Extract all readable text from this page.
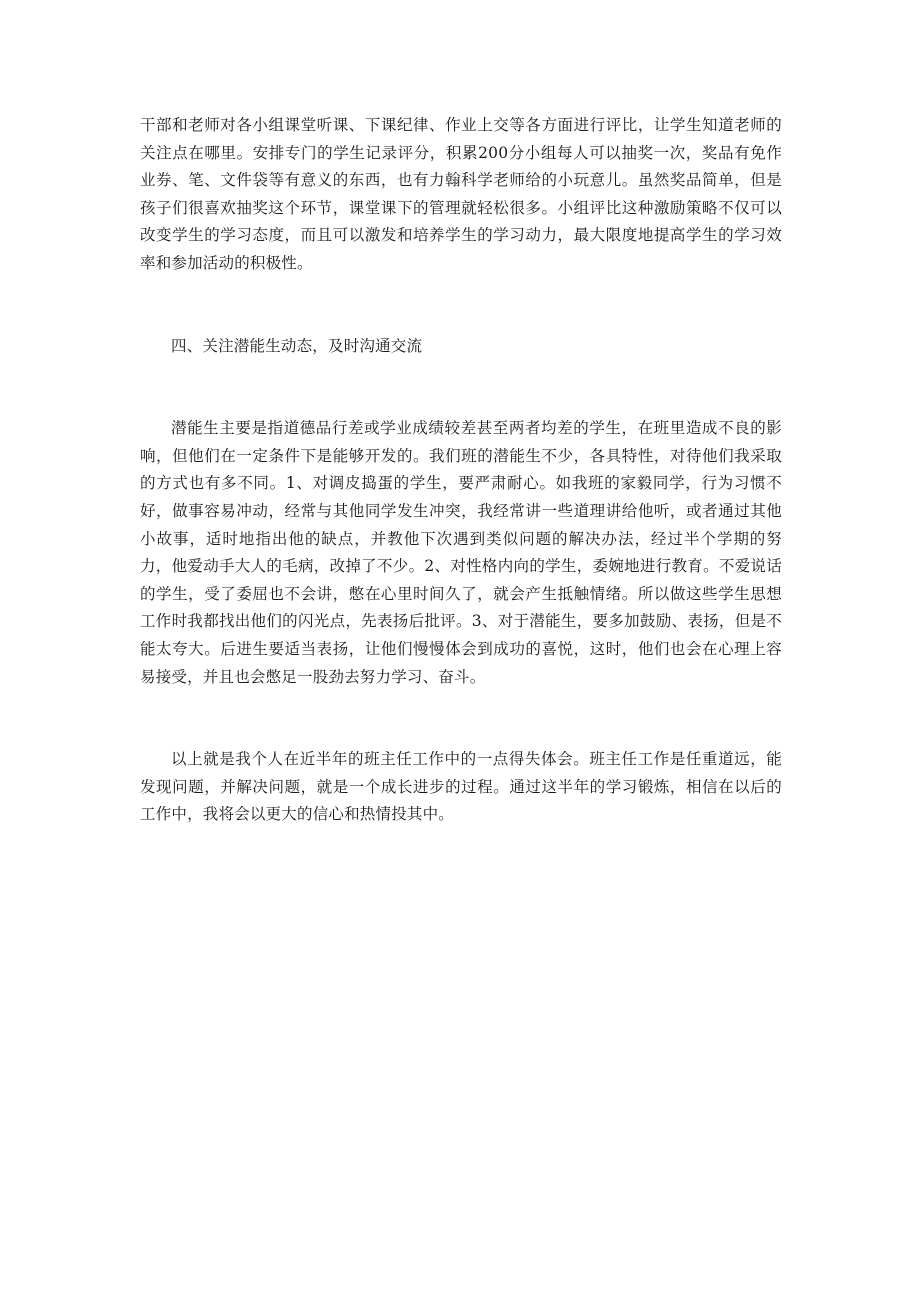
干部和老师对各小组课堂听课、下课纪律、作业上交等各方面进行评比，让学生知道老师的关注点在哪里。安排专门的学生记录评分，积累200分小组每人可以抽奖一次，奖品有免作业券、笔、文件袋等有意义的东西，也有力翰科学老师给的小玩意儿。虽然奖品简单，但是孩子们很喜欢抽奖这个环节，课堂课下的管理就轻松很多。小组评比这种激励策略不仅可以改变学生的学习态度，而且可以激发和培养学生的学习动力，最大限度地提高学生的学习效率和参加活动的积极性。

四、关注潜能生动态，及时沟通交流

潜能生主要是指道德品行差或学业成绩较差甚至两者均差的学生，在班里造成不良的影响，但他们在一定条件下是能够开发的。我们班的潜能生不少，各具特性，对待他们我采取的方式也有多不同。1、对调皮捣蛋的学生，要严肃耐心。如我班的家毅同学，行为习惯不好，做事容易冲动，经常与其他同学发生冲突，我经常讲一些道理讲给他听，或者通过其他小故事，适时地指出他的缺点，并教他下次遇到类似问题的解决办法，经过半个学期的努力，他爱动手大人的毛病，改掉了不少。2、对性格内向的学生，委婉地进行教育。不爱说话的学生，受了委屈也不会讲，憋在心里时间久了，就会产生抵触情绪。所以做这些学生思想工作时我都找出他们的闪光点，先表扬后批评。3、对于潜能生，要多加鼓励、表扬，但是不能太夸大。后进生要适当表扬，让他们慢慢体会到成功的喜悦，这时，他们也会在心理上容易接受，并且也会憋足一股劲去努力学习、奋斗。

以上就是我个人在近半年的班主任工作中的一点得失体会。班主任工作是任重道远，能发现问题，并解决问题，就是一个成长进步的过程。通过这半年的学习锻炼，相信在以后的工作中，我将会以更大的信心和热情投其中。
